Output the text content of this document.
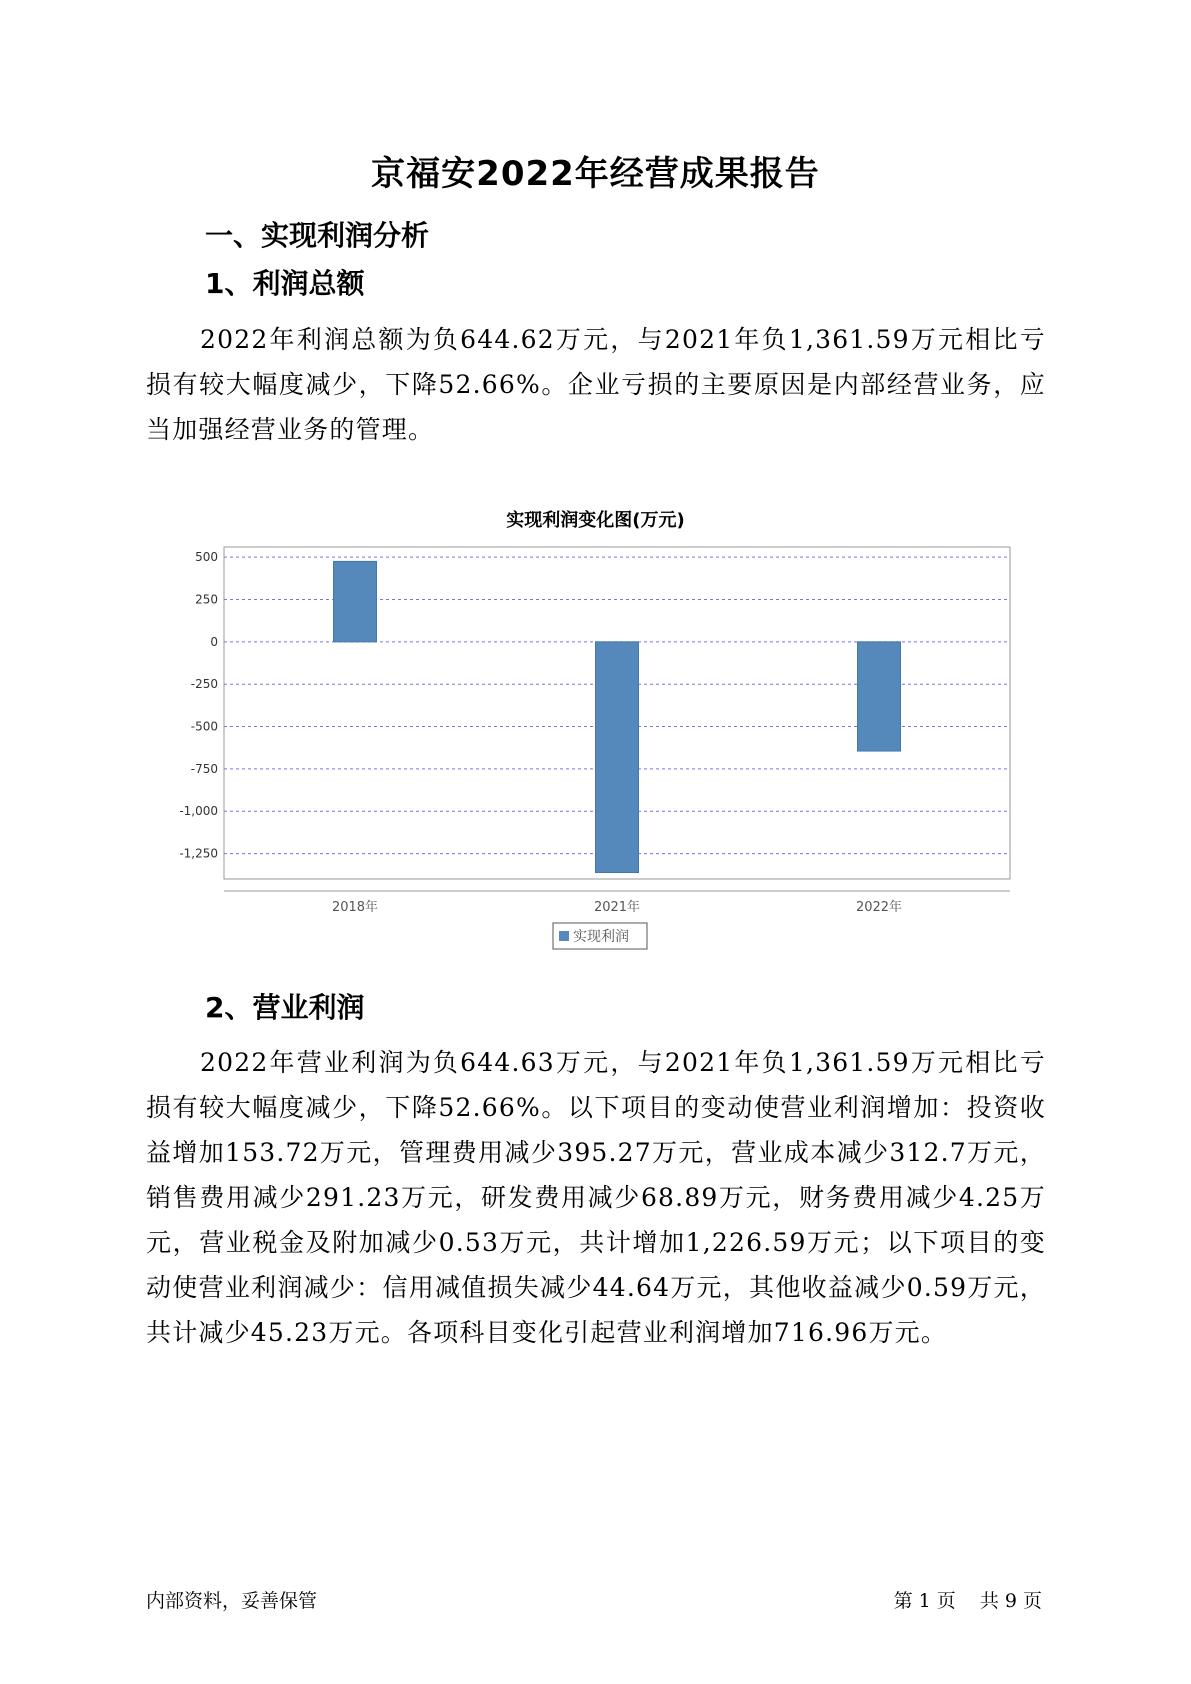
京福安2022年经营成果报告
一、实现利润分析
1、利润总额

2022年利润总额为负644.62万元，与2021年负1,361.59万元相比亏损有较大幅度减少，下降52.66%。企业亏损的主要原因是内部经营业务，应当加强经营业务的管理。

实现利润变化图(万元)
500
250
0
-250
-500
-750
-1,000
-1,250
2018年	2021年	2022年
实现利润
2、营业利润

2022年营业利润为负644.63万元，与2021年负1,361.59万元相比亏损有较大幅度减少，下降52.66%。以下项目的变动使营业利润增加：投资收益增加153.72万元，管理费用减少395.27万元，营业成本减少312.7万元，销售费用减少291.23万元，研发费用减少68.89万元，财务费用减少4.25万元，营业税金及附加减少0.53万元，共计增加1,226.59万元；以下项目的变动使营业利润减少：信用减值损失减少44.64万元，其他收益减少0.59万元，共计减少45.23万元。各项科目变化引起营业利润增加716.96万元。

内部资料，妥善保管	第 1 页 共 9 页
